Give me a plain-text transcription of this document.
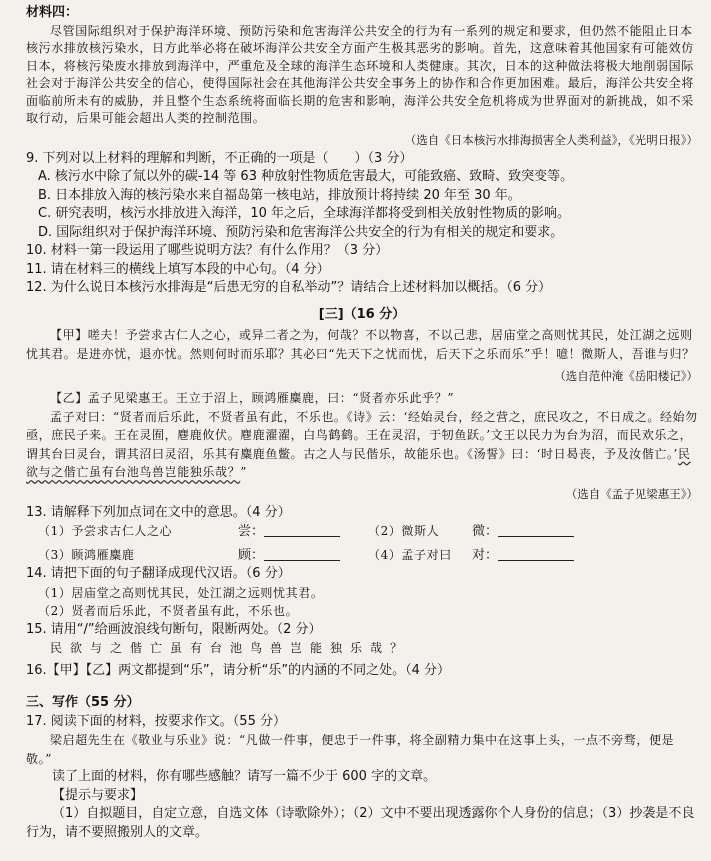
材料四：

尽管国际组织对于保护海洋环境、预防污染和危害海洋公共安全的行为有一系列的规定和要求，但仍然不能阻止日本核污水排放核污染水，日方此举必将在破坏海洋公共安全方面产生极其恶劣的影响。首先，这意味着其他国家有可能效仿日本，将核污染废水排放到海洋中，严重危及全球的海洋生态环境和人类健康。其次，日本的这种做法将极大地削弱国际社会对于海洋公共安全的信心，使得国际社会在其他海洋公共安全事务上的协作和合作更加困难。最后，海洋公共安全将面临前所未有的威胁，并且整个生态系统将面临长期的危害和影响，海洋公共安全危机将成为世界面对的新挑战，如不采取行动，后果可能会超出人类的控制范围。

（选自《日本核污水排海损害全人类利益》，《光明日报》）

9. 下列对以上材料的理解和判断，不正确的一项是（　　）（3 分）

A. 核污水中除了氚以外的碳-14 等 63 种放射性物质危害最大，可能致癌、致畸、致突变等。

B. 日本排放入海的核污染水来自福岛第一核电站，排放预计将持续 20 年至 30 年。

C. 研究表明，核污水排放进入海洋，10 年之后，全球海洋都将受到相关放射性物质的影响。

D. 国际组织对于保护海洋环境、预防污染和危害海洋公共安全的行为有相关的规定和要求。

10. 材料一第一段运用了哪些说明方法？有什么作用？（3 分）

11. 请在材料三的横线上填写本段的中心句。（4 分）

12. 为什么说日本核污水排海是“后患无穷的自私举动”？请结合上述材料加以概括。（6 分）

[三]（16 分）

【甲】嗟夫！予尝求古仁人之心，或异二者之为，何哉？不以物喜，不以己悲，居庙堂之高则忧其民，处江湖之远则忧其君。是进亦忧，退亦忧。然则何时而乐耶？其必曰“先天下之忧而忧，后天下之乐而乐”乎！噫！微斯人，吾谁与归？

（选自范仲淹《岳阳楼记》）

【乙】孟子见梁惠王。王立于沼上，顾鸿雁麋鹿，曰：“贤者亦乐此乎？”

孟子对曰：“贤者而后乐此，不贤者虽有此，不乐也。《诗》云：‘经始灵台，经之营之，庶民攻之，不日成之。经始勿亟，庶民子来。王在灵囿，麀鹿攸伏。麀鹿濯濯，白鸟鹤鹤。王在灵沼，于牣鱼跃。’文王以民力为台为沼，而民欢乐之，谓其台曰灵台，谓其沼曰灵沼，乐其有麋鹿鱼鳖。古之人与民偕乐，故能乐也。《汤誓》曰：‘时日曷丧，予及汝偕亡。’民欲与之偕亡虽有台池鸟兽岂能独乐哉？”

（选自《孟子见梁惠王》）

13. 请解释下列加点词在文中的意思。（4 分）

（1）予尝求古仁人之心	尝：	（2）微斯人	微：
（3）顾鸿雁麋鹿	顾：	（4）孟子对曰 对：

14. 请把下面的句子翻译成现代汉语。（6 分）

（1）居庙堂之高则忧其民，处江湖之远则忧其君。

（2）贤者而后乐此，不贤者虽有此，不乐也。

15. 请用“/”给画波浪线句断句，限断两处。（2 分）

民欲与之偕亡虽有台池鸟兽岂能独乐哉？

16.【甲】【乙】两文都提到“乐”，请分析“乐”的内涵的不同之处。（4 分）

三、写作（55 分）

17. 阅读下面的材料，按要求作文。（55 分）

梁启超先生在《敬业与乐业》说：“凡做一件事，便忠于一件事，将全副精力集中在这事上头，一点不旁骛，便是敬。”

读了上面的材料，你有哪些感触？请写一篇不少于 600 字的文章。

【提示与要求】

（1）自拟题目，自定立意，自选文体（诗歌除外）；（2）文中不要出现透露你个人身份的信息；（3）抄袭是不良行为，请不要照搬别人的文章。
